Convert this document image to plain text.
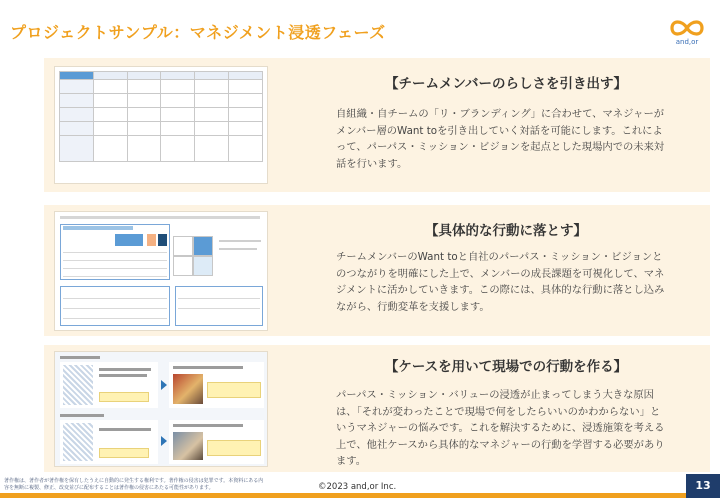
プロジェクトサンプル：マネジメント浸透フェーズ	and,or

【チームメンバーのらしさを引き出す】
自組織・自チームの「リ・ブランディング」に合わせて、マネジャーがメンバー層のWant toを引き出していく対話を可能にします。これによって、パーパス・ミッション・ビジョンを起点とした現場内での未来対話を行います。
【具体的な行動に落とす】
チームメンバーのWant toと自社のパーパス・ミッション・ビジョンとのつながりを明確にした上で、メンバーの成長課題を可視化して、マネジメントに活かしていきます。この際には、具体的な行動に落とし込みながら、行動変革を支援します。
【ケースを用いて現場での行動を作る】
パーパス・ミッション・バリューの浸透が止まってしまう大きな原因は、「それが変わったことで現場で何をしたらいいのかわからない」というマネジャーの悩みです。これを解決するために、浸透施策を考える上で、他社ケースから具体的なマネジャーの行動を学習する必要があります。
著作権は、著作者が著作権を保有したうえに自動的に発生する権利です。著作権の侵害は犯罪です。本資料にある内容を無断に複製、修正、改変並びに配布することは著作権の侵害にあたる可能性があります。	©2023 and,or Inc.	13
